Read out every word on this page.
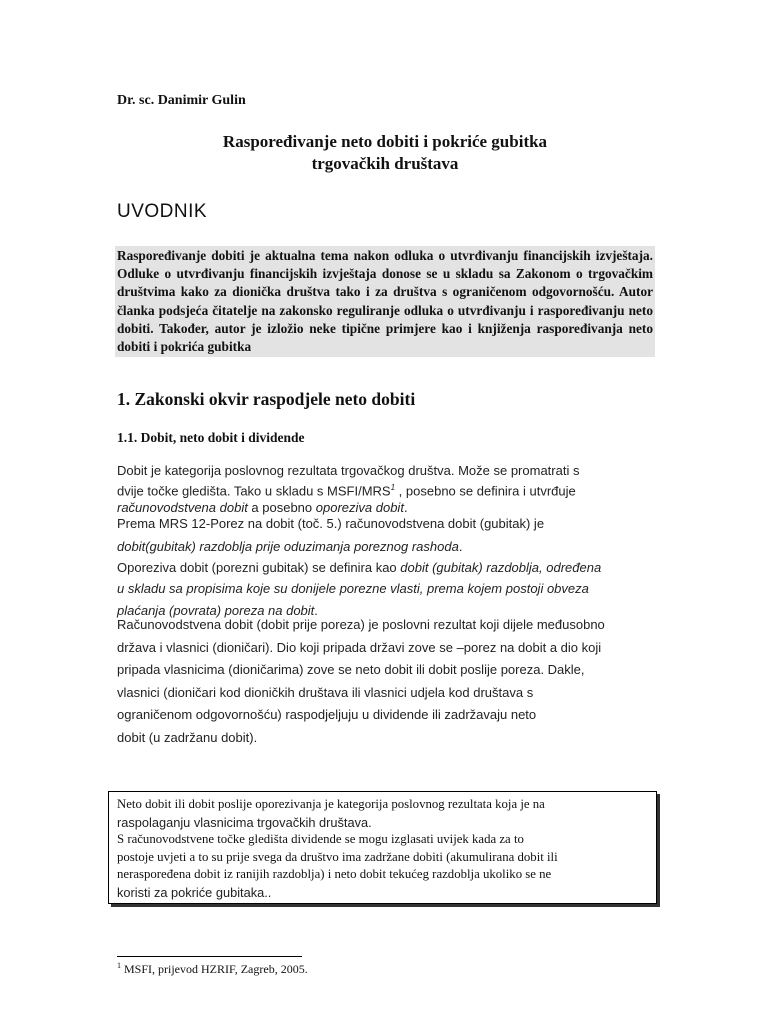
Dr. sc. Danimir Gulin
Raspoređivanje neto dobiti i pokriće gubitka
trgovačkih društava
UVODNIK
Raspoređivanje dobiti je aktualna tema nakon odluka o utvrđivanju financijskih izvještaja. Odluke o utvrđivanju financijskih izvještaja donose se u skladu sa Zakonom o trgovačkim društvima kako za dionička društva tako i za društva s ograničenom odgovornošću. Autor članka podsjeća čitatelje na zakonsko reguliranje odluka o utvrđivanju i raspoređivanju neto dobiti. Također, autor je izložio neke tipične primjere kao i knjiženja raspoređivanja neto dobiti i pokrića gubitka
1. Zakonski okvir raspodjele neto dobiti
1.1. Dobit, neto dobit i dividende
Dobit je kategorija poslovnog rezultata trgovačkog društva. Može se promatrati s
dvije točke gledišta. Tako u skladu s MSFI/MRS$^1$ , posebno se definira i utvrđuje
računovodstvena dobit a posebno oporeziva dobit.
Prema MRS 12-Porez na dobit (toč. 5.) računovodstvena dobit (gubitak) je
dobit(gubitak) razdoblja prije oduzimanja poreznog rashoda.
Oporeziva dobit (porezni gubitak) se definira kao dobit (gubitak) razdoblja, određena
u skladu sa propisima koje su donijele porezne vlasti, prema kojem postoji obveza
plaćanja (povrata) poreza na dobit.
Računovodstvena dobit (dobit prije poreza) je poslovni rezultat koji dijele međusobno
država i vlasnici (dioničari). Dio koji pripada državi zove se –porez na dobit a dio koji
pripada vlasnicima (dioničarima) zove se neto dobit ili dobit poslije poreza. Dakle,
vlasnici (dioničari kod dioničkih društava ili vlasnici udjela kod društava s
ograničenom odgovornošću) raspodjeljuju u dividende ili zadržavaju neto
dobit (u zadržanu dobit).
Neto dobit ili dobit poslije oporezivanja je kategorija poslovnog rezultata koja je na
raspolaganju vlasnicima trgovačkih društava.
S računovodstvene točke gledišta dividende se mogu izglasati uvijek kada za to
postoje uvjeti a to su prije svega da društvo ima zadržane dobiti (akumulirana dobit ili
neraspoređena dobit iz ranijih razdoblja) i neto dobit tekućeg razdoblja ukoliko se ne
koristi za pokriće gubitaka..
$^1$ MSFI, prijevod HZRIF, Zagreb, 2005.
